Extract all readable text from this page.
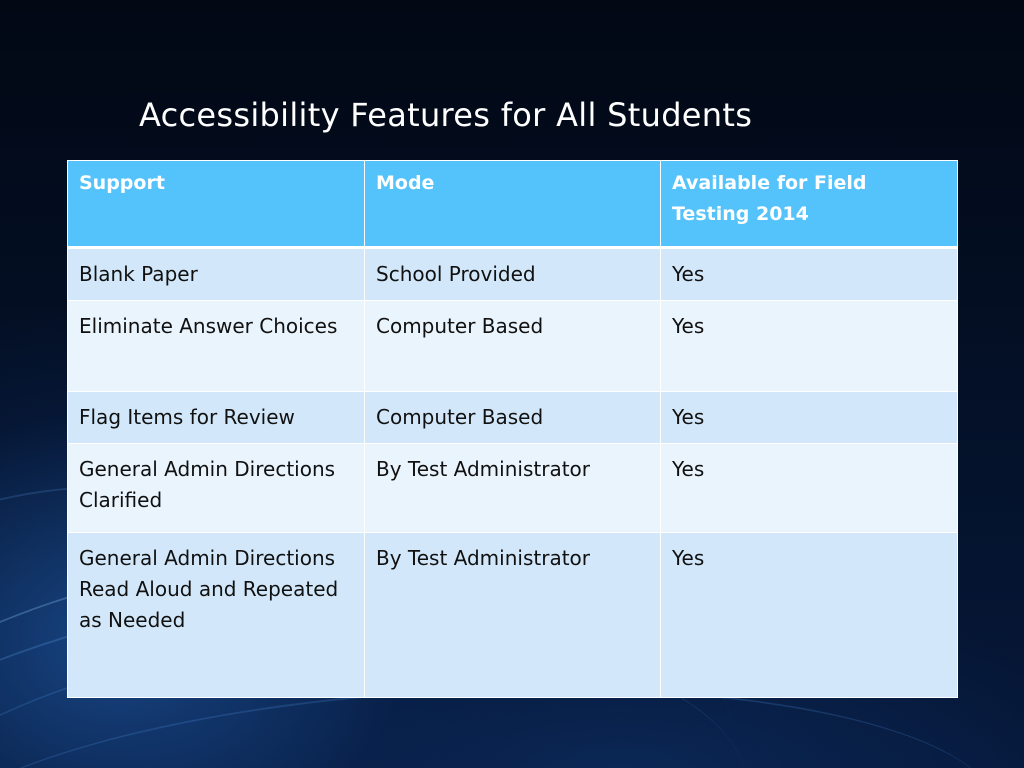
Accessibility Features for All Students
Support	Mode	Available for Field Testing 2014
Blank Paper	School Provided	Yes
Eliminate Answer Choices	Computer Based	Yes
Flag Items for Review	Computer Based	Yes
General Admin Directions Clarified	By Test Administrator	Yes
General Admin Directions Read Aloud and Repeated as Needed	By Test Administrator	Yes
